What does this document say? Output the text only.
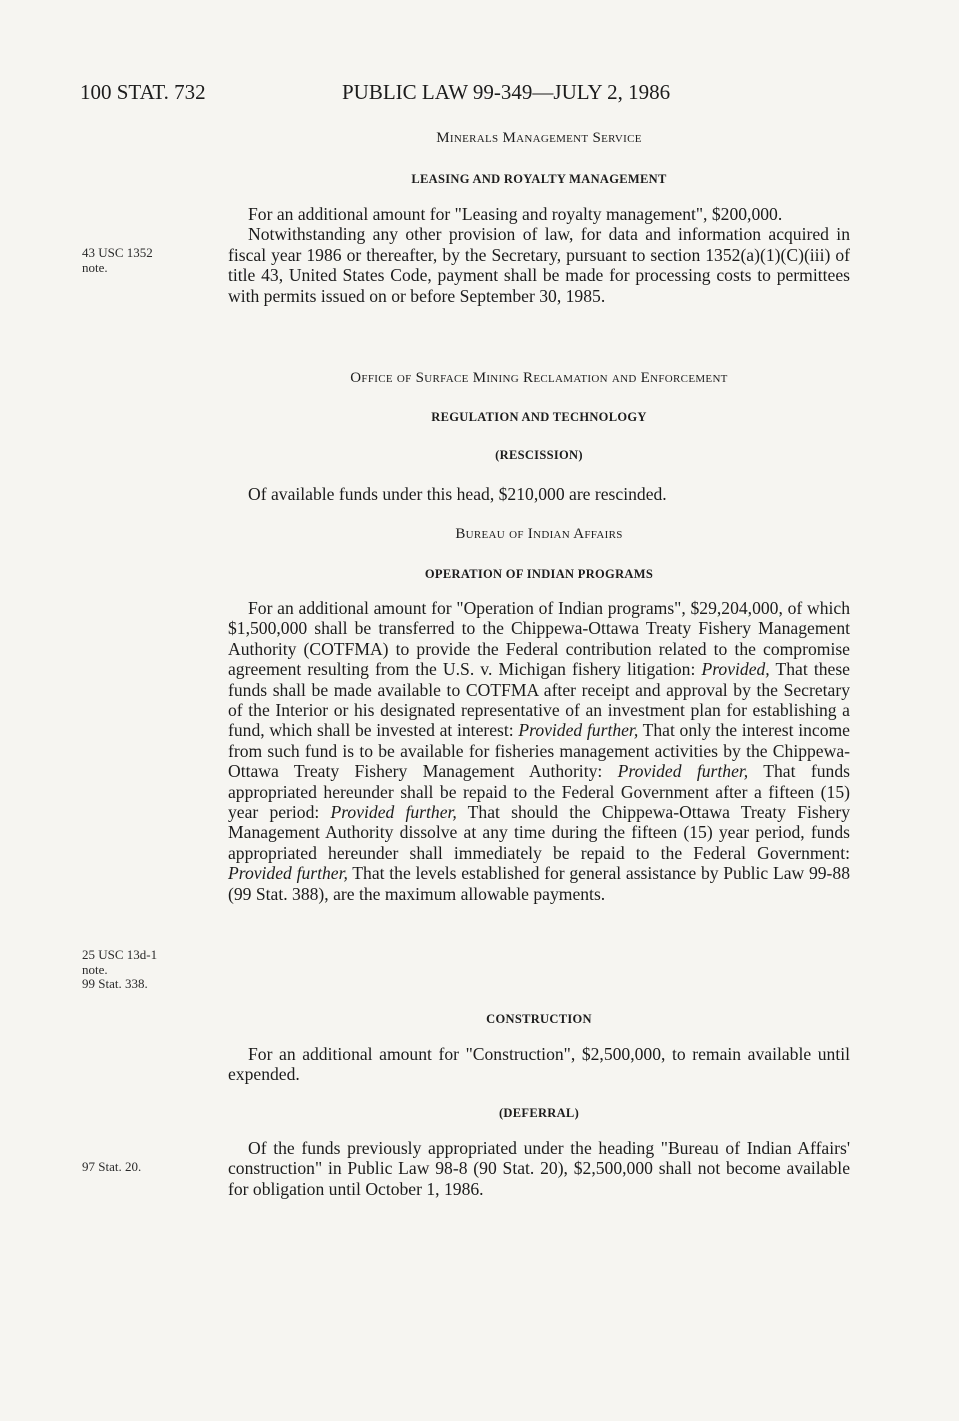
100 STAT. 732	PUBLIC LAW 99-349—JULY 2, 1986
Minerals Management Service
LEASING AND ROYALTY MANAGEMENT

For an additional amount for "Leasing and royalty management", $200,000.

Notwithstanding any other provision of law, for data and information acquired in fiscal year 1986 or thereafter, by the Secretary, pursuant to section 1352(a)(1)(C)(iii) of title 43, United States Code, payment shall be made for processing costs to permittees with permits issued on or before September 30, 1985.

43 USC 1352
note.
Office of Surface Mining Reclamation and Enforcement
REGULATION AND TECHNOLOGY
(RESCISSION)

Of available funds under this head, $210,000 are rescinded.

Bureau of Indian Affairs
OPERATION OF INDIAN PROGRAMS

For an additional amount for "Operation of Indian programs", $29,204,000, of which $1,500,000 shall be transferred to the Chippewa-Ottawa Treaty Fishery Management Authority (COTFMA) to provide the Federal contribution related to the compromise agreement resulting from the U.S. v. Michigan fishery litigation: Provided, That these funds shall be made available to COTFMA after receipt and approval by the Secretary of the Interior or his designated representative of an investment plan for establishing a fund, which shall be invested at interest: Provided further, That only the interest income from such fund is to be available for fisheries management activities by the Chippewa-Ottawa Treaty Fishery Management Authority: Provided further, That funds appropriated hereunder shall be repaid to the Federal Government after a fifteen (15) year period: Provided further, That should the Chippewa-Ottawa Treaty Fishery Management Authority dissolve at any time during the fifteen (15) year period, funds appropriated hereunder shall immediately be repaid to the Federal Government: Provided further, That the levels established for general assistance by Public Law 99-88 (99 Stat. 388), are the maximum allowable payments.

25 USC 13d-1
note.
99 Stat. 338.
CONSTRUCTION

For an additional amount for "Construction", $2,500,000, to remain available until expended.

(DEFERRAL)

Of the funds previously appropriated under the heading "Bureau of Indian Affairs' construction" in Public Law 98-8 (90 Stat. 20), $2,500,000 shall not become available for obligation until October 1, 1986.

97 Stat. 20.
